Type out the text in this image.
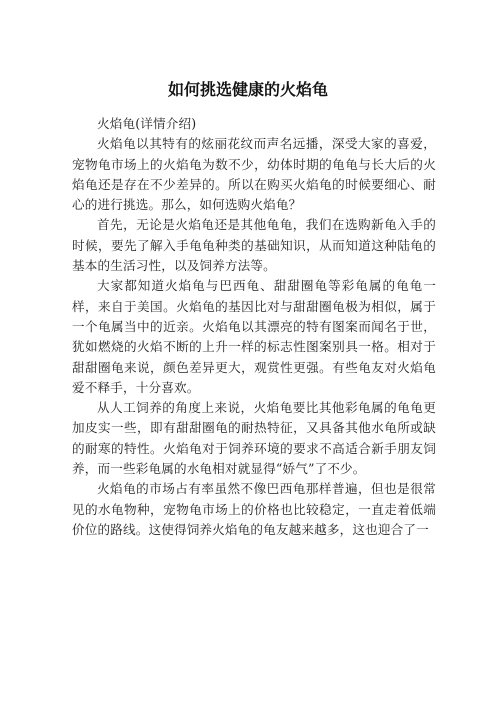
如何挑选健康的火焰龟

火焰龟(详情介绍)

火焰龟以其特有的炫丽花纹而声名远播，深受大家的喜爱，宠物龟市场上的火焰龟为数不少，幼体时期的龟龟与长大后的火焰龟还是存在不少差异的。所以在购买火焰龟的时候要细心、耐心的进行挑选。那么，如何选购火焰龟？

首先，无论是火焰龟还是其他龟龟，我们在选购新龟入手的时候，要先了解入手龟龟种类的基础知识，从而知道这种陆龟的基本的生活习性，以及饲养方法等。

大家都知道火焰龟与巴西龟、甜甜圈龟等彩龟属的龟龟一样，来自于美国。火焰龟的基因比对与甜甜圈龟极为相似，属于一个龟属当中的近亲。火焰龟以其漂亮的特有图案而闻名于世，犹如燃烧的火焰不断的上升一样的标志性图案别具一格。相对于甜甜圈龟来说，颜色差异更大，观赏性更强。有些龟友对火焰龟爱不释手，十分喜欢。

从人工饲养的角度上来说，火焰龟要比其他彩龟属的龟龟更加皮实一些，即有甜甜圈龟的耐热特征，又具备其他水龟所或缺的耐寒的特性。火焰龟对于饲养环境的要求不高适合新手朋友饲养，而一些彩龟属的水龟相对就显得“娇气”了不少。

火焰龟的市场占有率虽然不像巴西龟那样普遍，但也是很常见的水龟物种，宠物龟市场上的价格也比较稳定，一直走着低端价位的路线。这使得饲养火焰龟的龟友越来越多，这也迎合了一
